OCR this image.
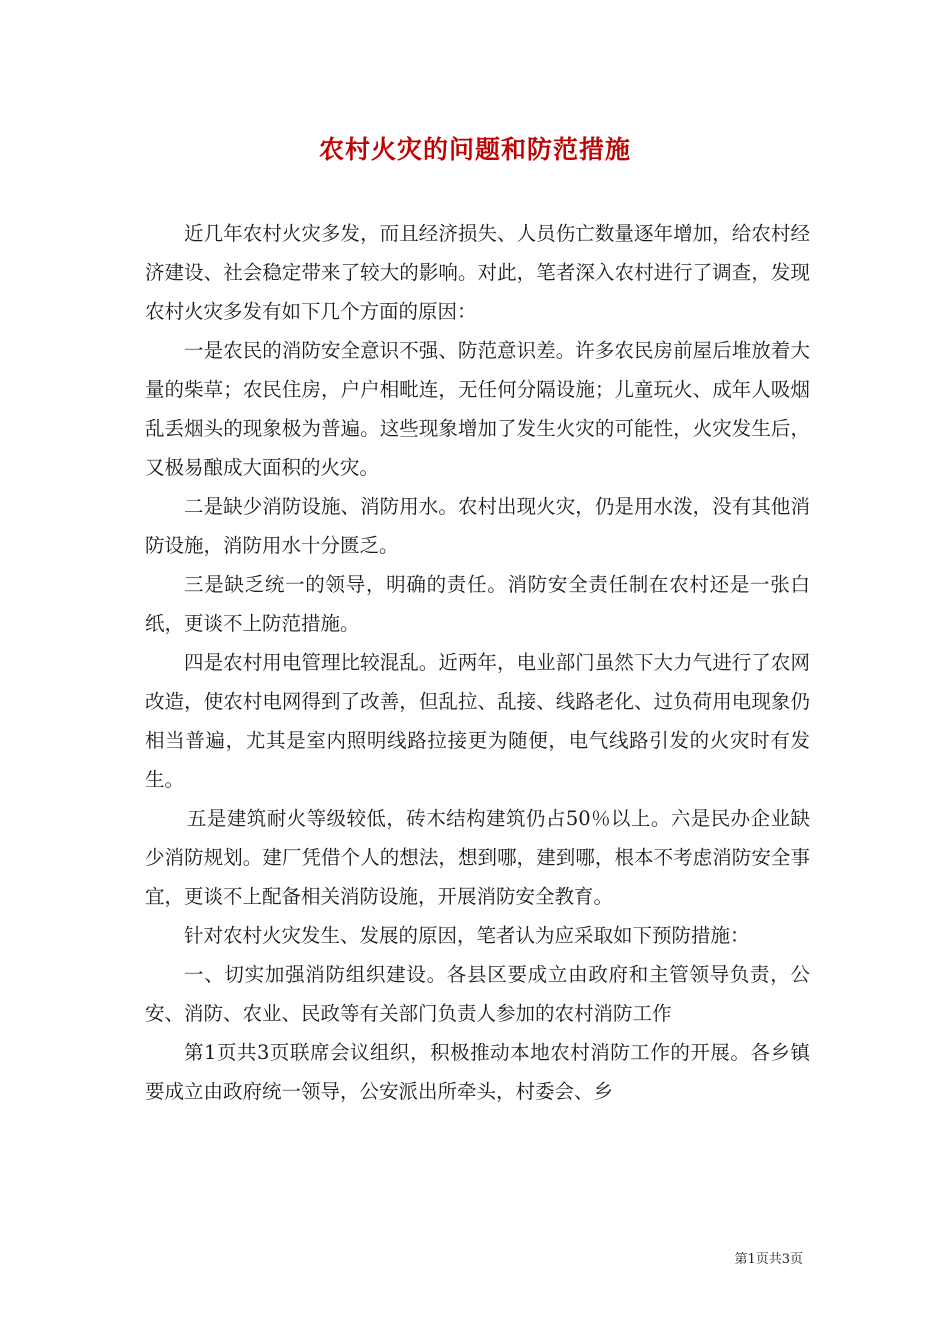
农村火灾的问题和防范措施

近几年农村火灾多发，而且经济损失、人员伤亡数量逐年增加，给农村经济建设、社会稳定带来了较大的影响。对此，笔者深入农村进行了调查，发现农村火灾多发有如下几个方面的原因：

一是农民的消防安全意识不强、防范意识差。许多农民房前屋后堆放着大量的柴草；农民住房，户户相毗连，无任何分隔设施；儿童玩火、成年人吸烟乱丢烟头的现象极为普遍。这些现象增加了发生火灾的可能性，火灾发生后，又极易酿成大面积的火灾。

二是缺少消防设施、消防用水。农村出现火灾，仍是用水泼，没有其他消防设施，消防用水十分匮乏。

三是缺乏统一的领导，明确的责任。消防安全责任制在农村还是一张白纸，更谈不上防范措施。

四是农村用电管理比较混乱。近两年，电业部门虽然下大力气进行了农网改造，使农村电网得到了改善，但乱拉、乱接、线路老化、过负荷用电现象仍相当普遍，尤其是室内照明线路拉接更为随便，电气线路引发的火灾时有发生。

五是建筑耐火等级较低，砖木结构建筑仍占50％以上。六是民办企业缺少消防规划。建厂凭借个人的想法，想到哪，建到哪，根本不考虑消防安全事宜，更谈不上配备相关消防设施，开展消防安全教育。

针对农村火灾发生、发展的原因，笔者认为应采取如下预防措施：

一、切实加强消防组织建设。各县区要成立由政府和主管领导负责，公安、消防、农业、民政等有关部门负责人参加的农村消防工作

第1页共3页联席会议组织，积极推动本地农村消防工作的开展。各乡镇要成立由政府统一领导，公安派出所牵头，村委会、乡

第1页共3页
